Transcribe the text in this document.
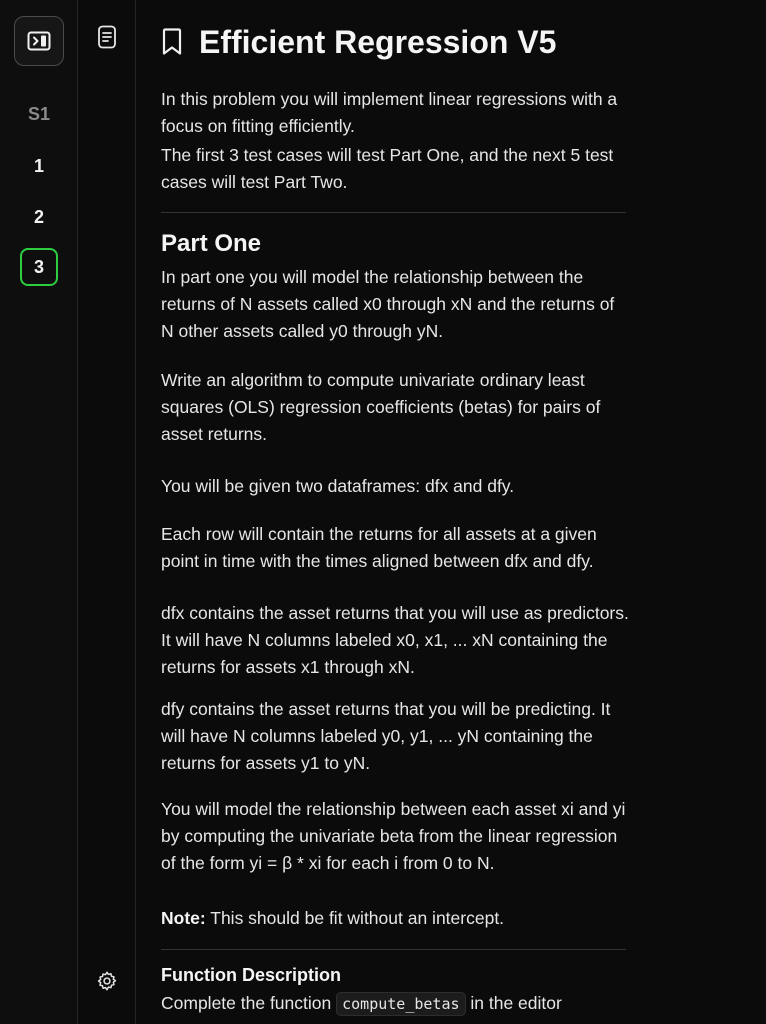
S1
1
2
3
Efficient Regression V5

In this problem you will implement linear regressions with a focus on fitting efficiently.

The first 3 test cases will test Part One, and the next 5 test cases will test Part Two.

Part One

In part one you will model the relationship between the returns of N assets called x0 through xN and the returns of N other assets called y0 through yN.

Write an algorithm to compute univariate ordinary least squares (OLS) regression coefficients (betas) for pairs of asset returns.

You will be given two dataframes: dfx and dfy.

Each row will contain the returns for all assets at a given point in time with the times aligned between dfx and dfy.

dfx contains the asset returns that you will use as predictors. It will have N columns labeled x0, x1, ... xN containing the returns for assets x1 through xN.

dfy contains the asset returns that you will be predicting. It will have N columns labeled y0, y1, ... yN containing the returns for assets y1 to yN.

You will model the relationship between each asset xi and yi by computing the univariate beta from the linear regression of the form yi = β * xi for each i from 0 to N.

Note: This should be fit without an intercept.

Function Description

Complete the function compute_betas in the editor
